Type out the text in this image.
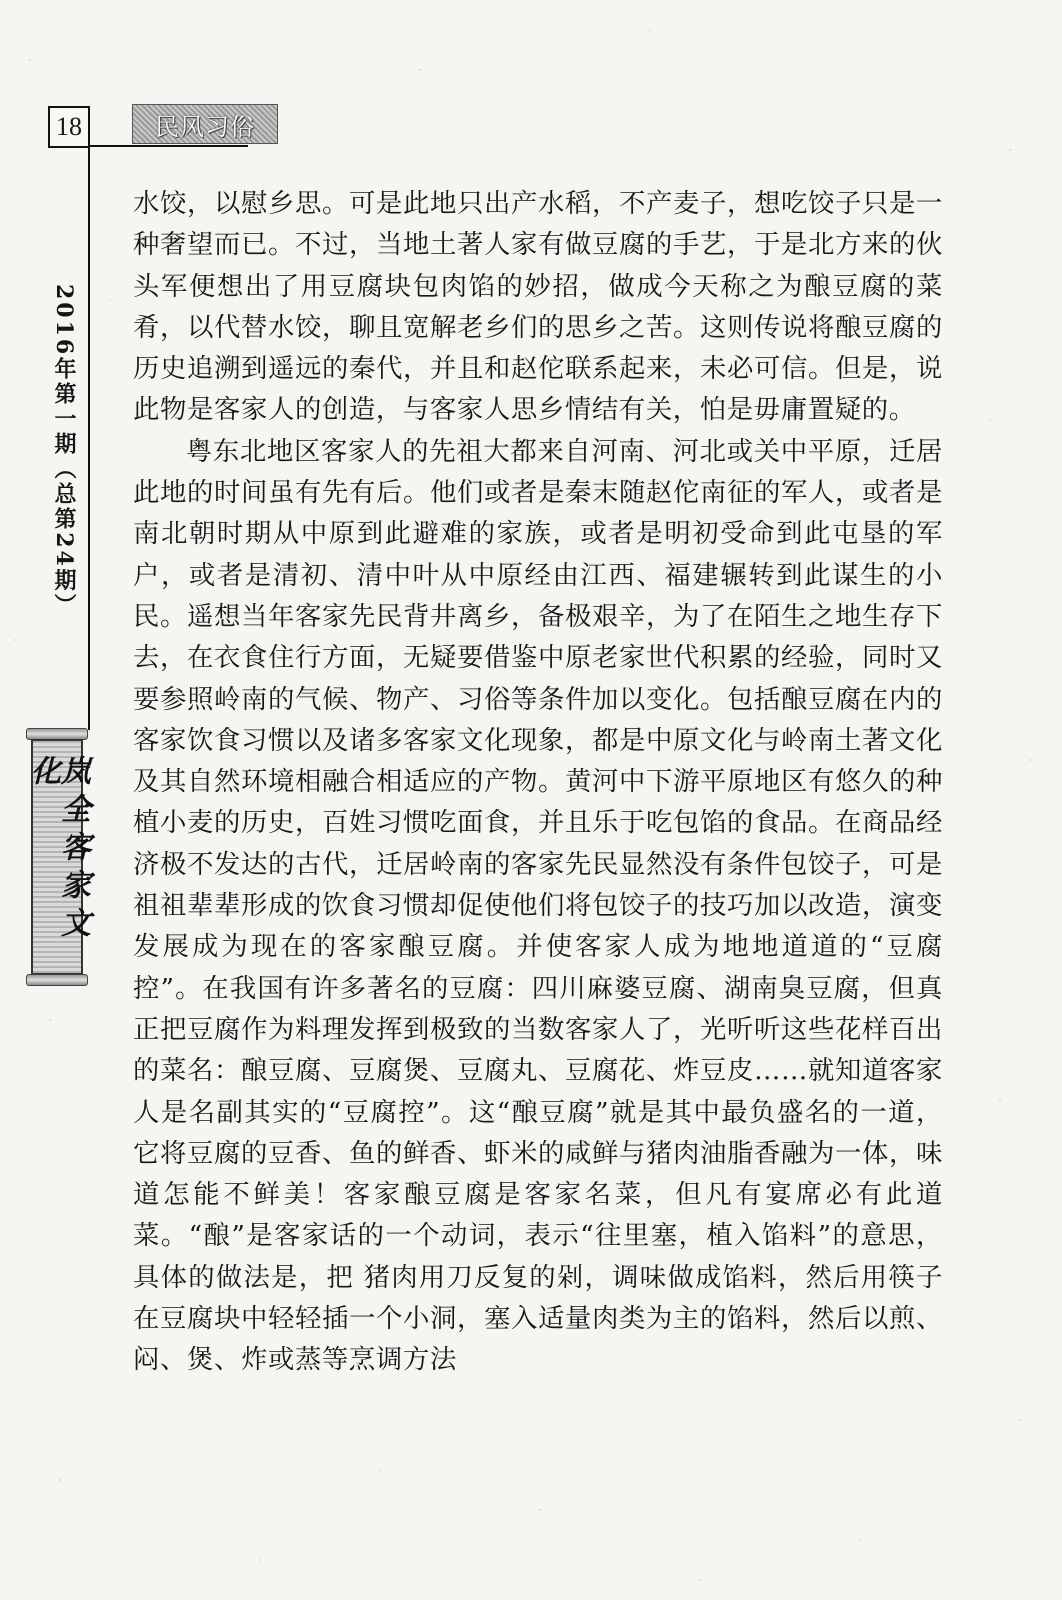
18	民风习俗
2016年第一期（总第24期）
岚全客家文化

水饺，以慰乡思。可是此地只出产水稻，不产麦子，想吃饺子只是一种奢望而已。不过，当地土著人家有做豆腐的手艺，于是北方来的伙头军便想出了用豆腐块包肉馅的妙招，做成今天称之为酿豆腐的菜肴，以代替水饺，聊且宽解老乡们的思乡之苦。这则传说将酿豆腐的历史追溯到遥远的秦代，并且和赵佗联系起来，未必可信。但是，说此物是客家人的创造，与客家人思乡情结有关，怕是毋庸置疑的。

粤东北地区客家人的先祖大都来自河南、河北或关中平原，迁居此地的时间虽有先有后。他们或者是秦末随赵佗南征的军人，或者是南北朝时期从中原到此避难的家族，或者是明初受命到此屯垦的军户，或者是清初、清中叶从中原经由江西、福建辗转到此谋生的小民。遥想当年客家先民背井离乡，备极艰辛，为了在陌生之地生存下去，在衣食住行方面，无疑要借鉴中原老家世代积累的经验，同时又要参照岭南的气候、物产、习俗等条件加以变化。包括酿豆腐在内的客家饮食习惯以及诸多客家文化现象，都是中原文化与岭南土著文化及其自然环境相融合相适应的产物。黄河中下游平原地区有悠久的种植小麦的历史，百姓习惯吃面食，并且乐于吃包馅的食品。在商品经济极不发达的古代，迁居岭南的客家先民显然没有条件包饺子，可是祖祖辈辈形成的饮食习惯却促使他们将包饺子的技巧加以改造，演变发展成为现在的客家酿豆腐。并使客家人成为地地道道的“豆腐控”。在我国有许多著名的豆腐：四川麻婆豆腐、湖南臭豆腐，但真正把豆腐作为料理发挥到极致的当数客家人了，光听听这些花样百出的菜名：酿豆腐、豆腐煲、豆腐丸、豆腐花、炸豆皮……就知道客家人是名副其实的“豆腐控”。这“酿豆腐”就是其中最负盛名的一道，它将豆腐的豆香、鱼的鲜香、虾米的咸鲜与猪肉油脂香融为一体，味道怎能不鲜美！客家酿豆腐是客家名菜，但凡有宴席必有此道菜。“酿”是客家话的一个动词，表示“往里塞，植入馅料”的意思，具体的做法是，把 猪肉用刀反复的剁，调味做成馅料，然后用筷子在豆腐块中轻轻插一个小洞，塞入适量肉类为主的馅料，然后以煎、闷、煲、炸或蒸等烹调方法
